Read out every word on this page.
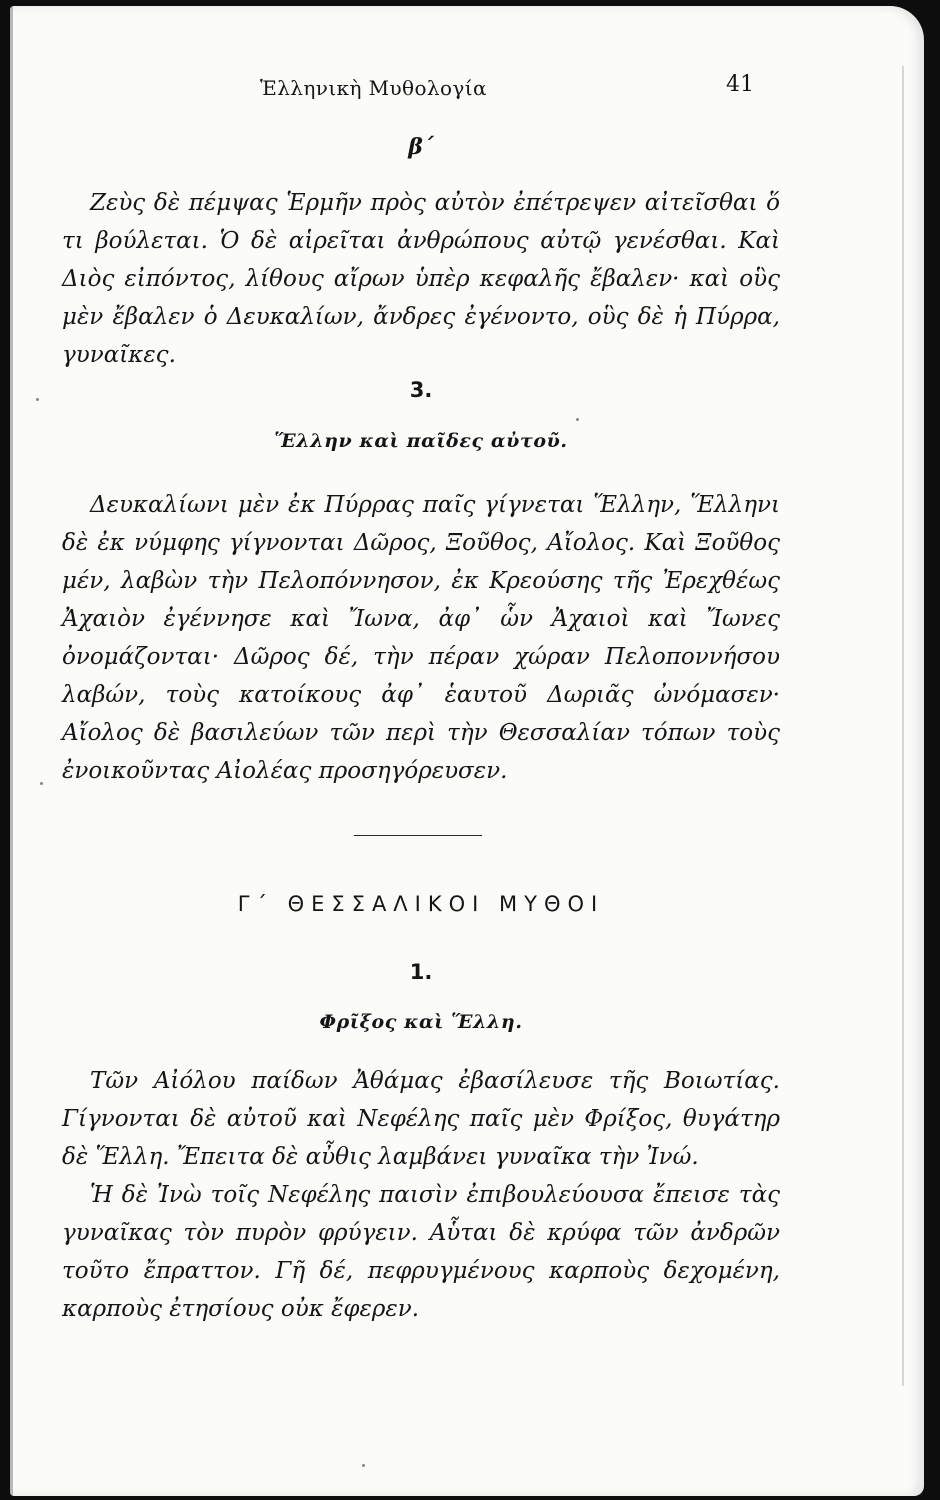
Ἑλληνικὴ Μυθολογία	41
β΄

Ζεὺς δὲ πέμψας Ἑρμῆν πρὸς αὐτὸν ἐπέτρεψεν αἰτεῖσθαι ὅ τι βούλεται. Ὁ δὲ αἱρεῖται ἀνθρώπους αὐτῷ γενέσθαι. Καὶ Διὸς εἰπόντος, λίθους αἴρων ὑπὲρ κεφαλῆς ἔβαλεν· καὶ οὓς μὲν ἔβαλεν ὁ Δευκαλίων, ἄνδρες ἐγένοντο, οὓς δὲ ἡ Πύρρα, γυναῖκες.

3.
Ἕλλην καὶ παῖδες αὐτοῦ.

Δευκαλίωνι μὲν ἐκ Πύρρας παῖς γίγνεται Ἕλλην, Ἕλληνι δὲ ἐκ νύμφης γίγνονται Δῶρος, Ξοῦθος, Αἴολος. Καὶ Ξοῦθος μέν, λαβὼν τὴν Πελοπόννησον, ἐκ Κρεούσης τῆς Ἐρεχθέως Ἀχαιὸν ἐγέννησε καὶ Ἴωνα, ἀφ᾽ ὧν Ἀχαιοὶ καὶ Ἴωνες ὀνομάζονται· Δῶρος δέ, τὴν πέραν χώραν Πελοποννήσου λαβών, τοὺς κατοίκους ἀφ᾽ ἑαυτοῦ Δωριᾶς ὠνόμασεν· Αἴολος δὲ βασιλεύων τῶν περὶ τὴν Θεσσαλίαν τόπων τοὺς ἐνοικοῦντας Αἰολέας προσηγόρευσεν.

Γ΄ ΘΕΣΣΑΛΙΚΟΙ ΜΥΘΟΙ
1.
Φρῖξος καὶ Ἕλλη.

Τῶν Αἰόλου παίδων Ἀθάμας ἐβασίλευσε τῆς Βοιωτίας. Γίγνονται δὲ αὐτοῦ καὶ Νεφέλης παῖς μὲν Φρίξος, θυγάτηρ δὲ Ἕλλη. Ἔπειτα δὲ αὖθις λαμβάνει γυναῖκα τὴν Ἰνώ.

Ἡ δὲ Ἰνὼ τοῖς Νεφέλης παισὶν ἐπιβουλεύουσα ἔπεισε τὰς γυναῖκας τὸν πυρὸν φρύγειν. Αὗται δὲ κρύφα τῶν ἀνδρῶν τοῦτο ἔπραττον. Γῆ δέ, πεφρυγμένους καρποὺς δεχομένη, καρποὺς ἐτησίους οὐκ ἔφερεν.
